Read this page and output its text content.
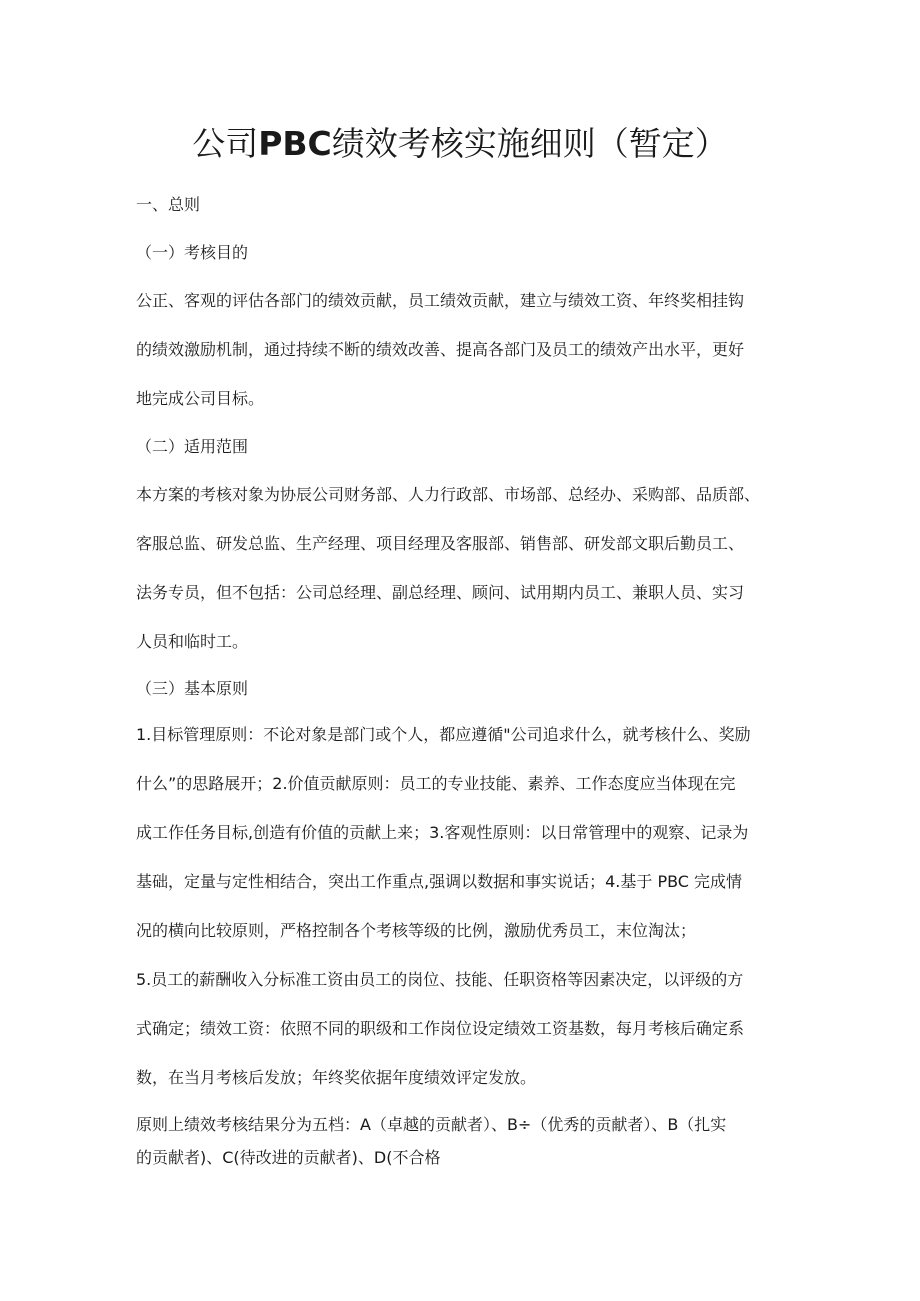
公司PBC绩效考核实施细则（暂定）
一、总则
（一）考核目的
公正、客观的评估各部门的绩效贡献，员工绩效贡献，建立与绩效工资、年终奖相挂钩
的绩效激励机制，通过持续不断的绩效改善、提高各部门及员工的绩效产出水平，更好
地完成公司目标。
（二）适用范围
本方案的考核对象为协辰公司财务部、人力行政部、市场部、总经办、采购部、品质部、
客服总监、研发总监、生产经理、项目经理及客服部、销售部、研发部文职后勤员工、
法务专员，但不包括：公司总经理、副总经理、顾问、试用期内员工、兼职人员、实习
人员和临时工。
（三）基本原则
1.目标管理原则：不论对象是部门或个人，都应遵循"公司追求什么，就考核什么、奖励
什么”的思路展开；2.价值贡献原则：员工的专业技能、素养、工作态度应当体现在完
成工作任务目标,创造有价值的贡献上来；3.客观性原则：以日常管理中的观察、记录为
基础，定量与定性相结合，突出工作重点,强调以数据和事实说话；4.基于 PBC 完成情
况的横向比较原则，严格控制各个考核等级的比例，激励优秀员工，末位淘汰；
5.员工的薪酬收入分标准工资由员工的岗位、技能、任职资格等因素决定，以评级的方
式确定；绩效工资：依照不同的职级和工作岗位设定绩效工资基数，每月考核后确定系
数，在当月考核后发放；年终奖依据年度绩效评定发放。
原则上绩效考核结果分为五档：A（卓越的贡献者）、B÷（优秀的贡献者）、B（扎实
的贡献者)、C(待改进的贡献者)、D(不合格
